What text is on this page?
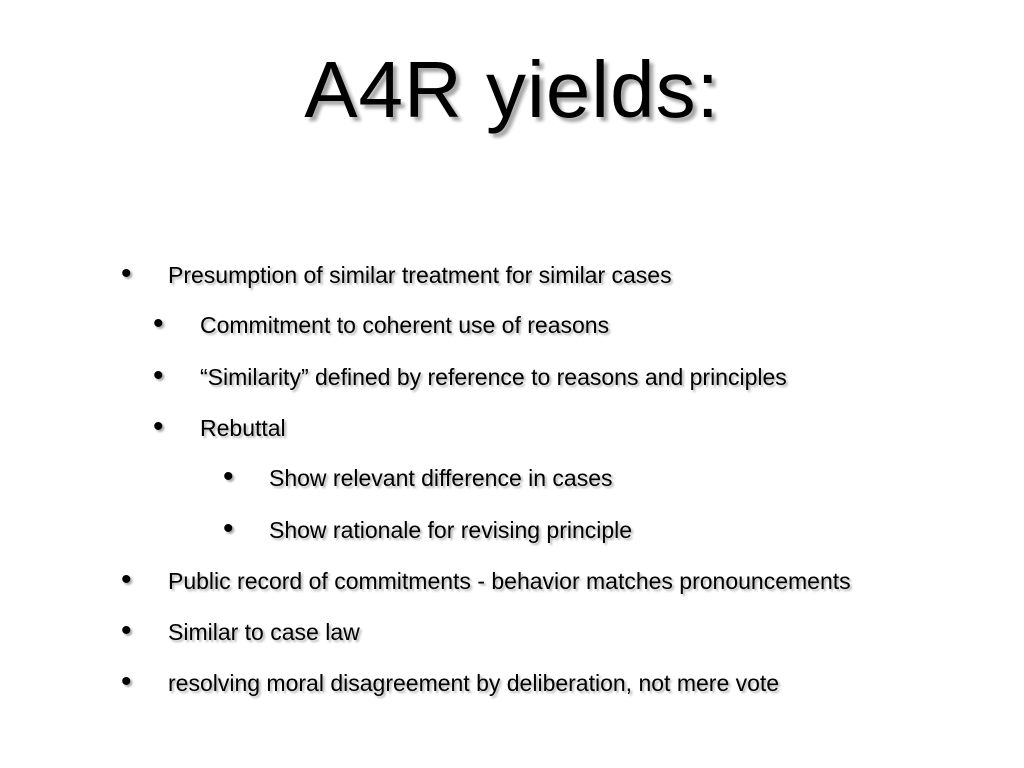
A4R yields:
• Presumption of similar treatment for similar cases
• Commitment to coherent use of reasons
• “Similarity” defined by reference to reasons and principles
• Rebuttal
• Show relevant difference in cases
• Show rationale for revising principle
• Public record of commitments - behavior matches pronouncements
• Similar to case law
• resolving moral disagreement by deliberation, not mere vote
